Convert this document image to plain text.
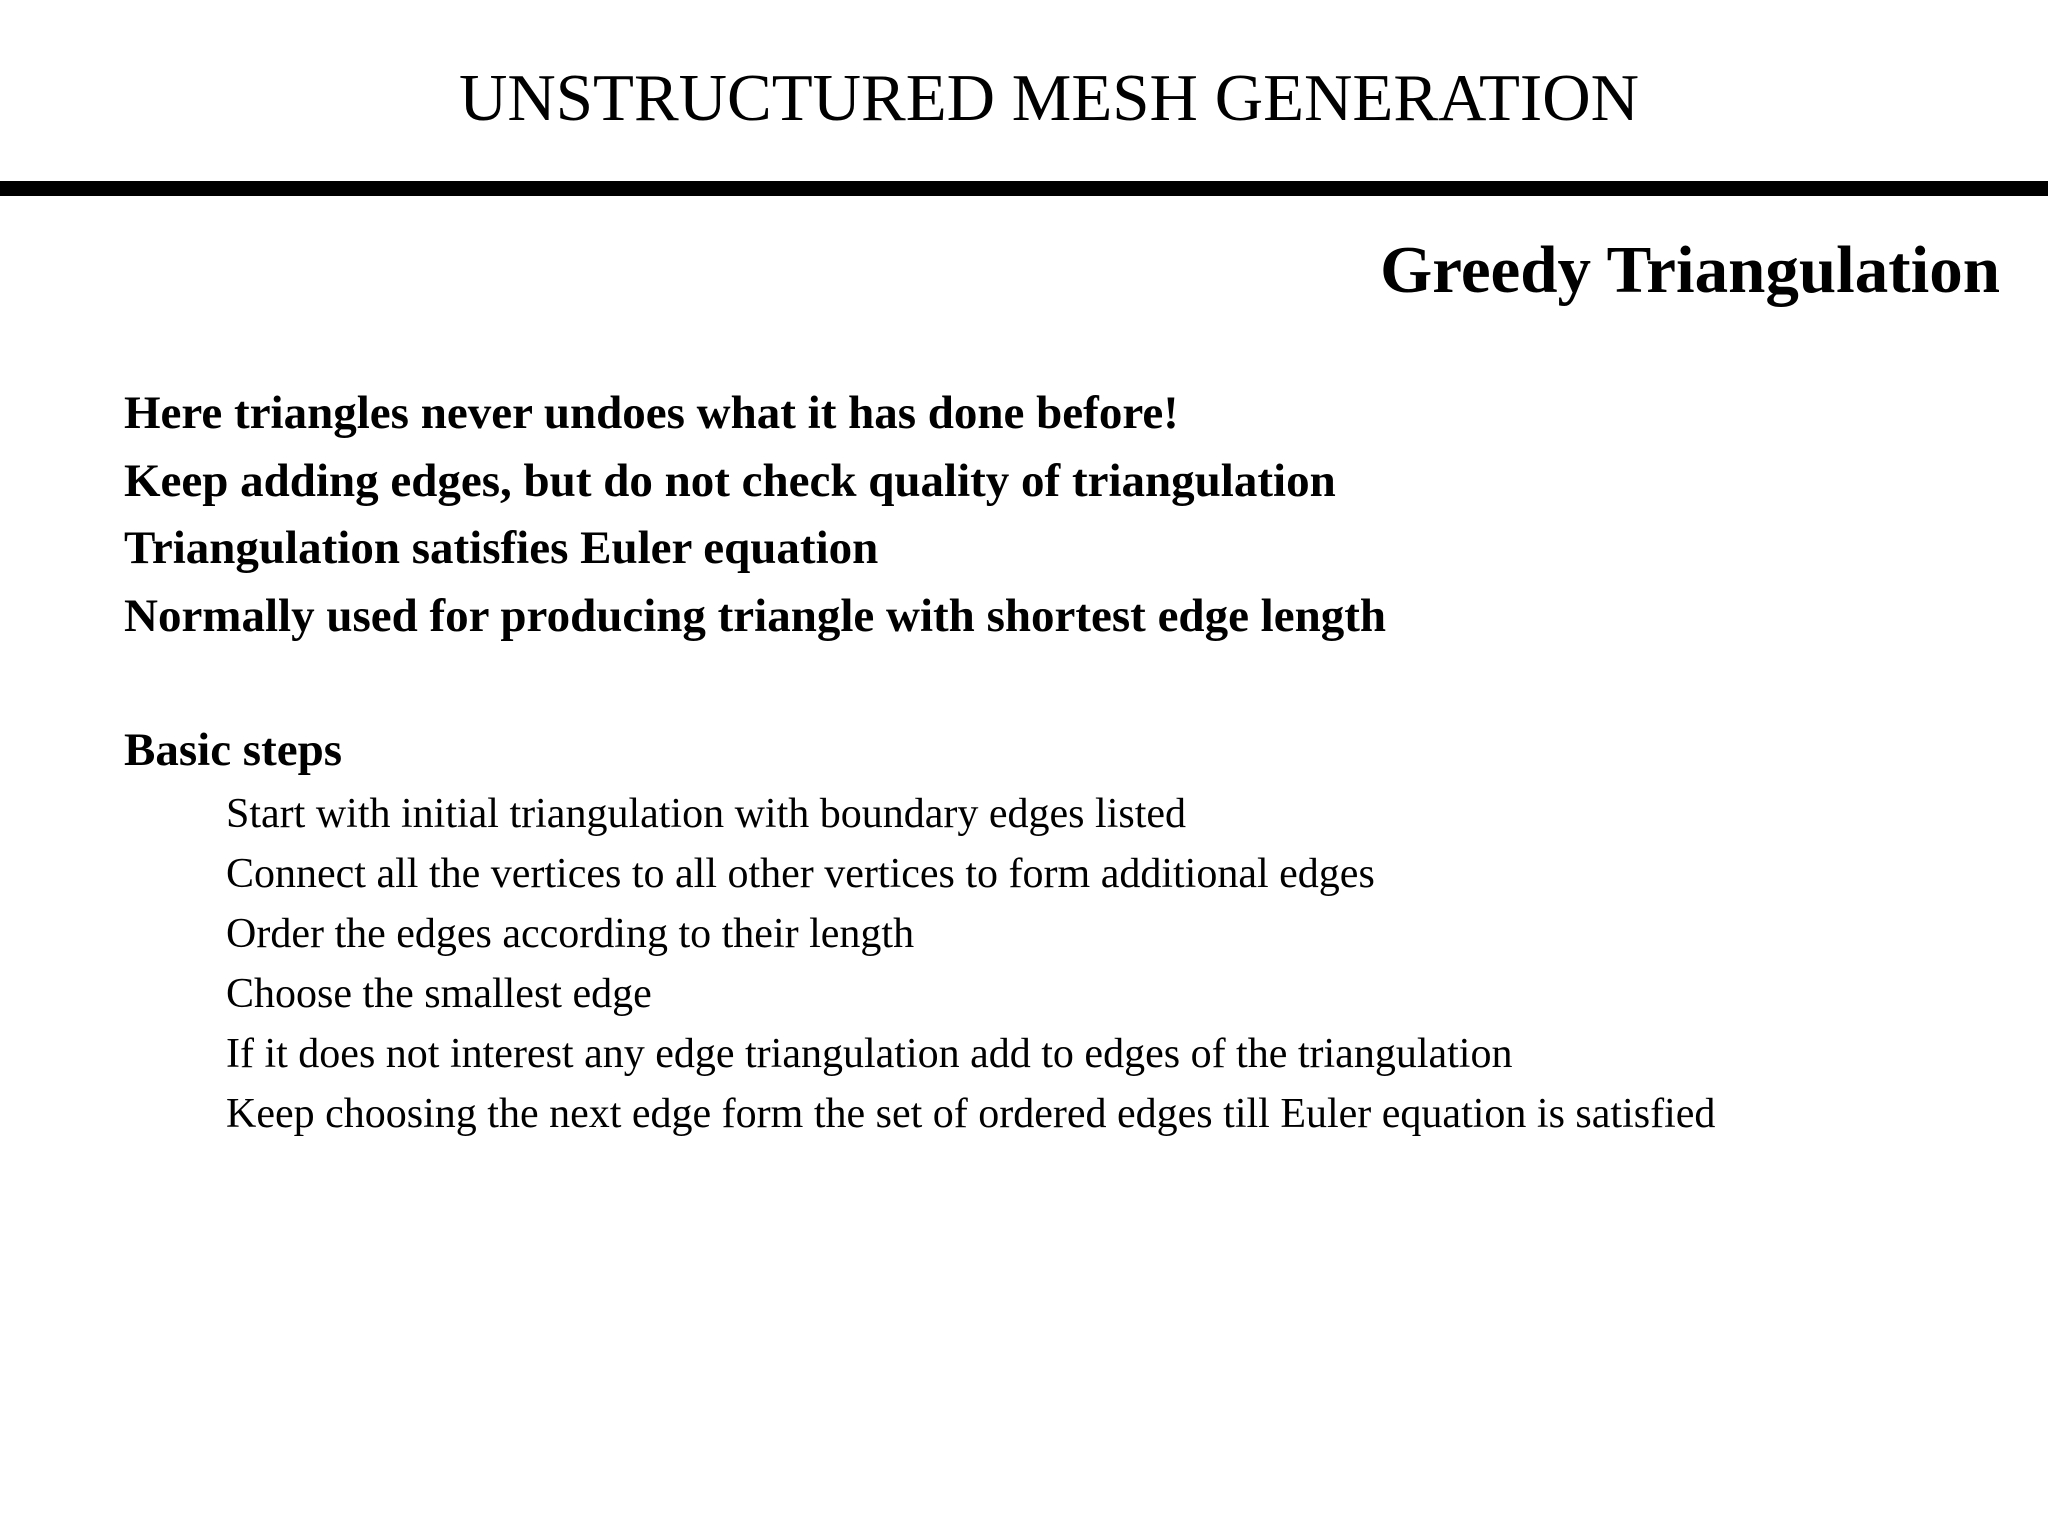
UNSTRUCTURED MESH GENERATION
Greedy Triangulation
Here triangles never undoes what it has done before!
Keep adding edges, but do not check quality of triangulation
Triangulation satisfies Euler equation
Normally used for producing triangle with shortest edge length
Basic steps
Start with initial triangulation with boundary edges listed
Connect all the vertices to all other vertices to form additional edges
Order the edges according to their length
Choose the smallest edge
If it does not interest any edge triangulation add to edges of the triangulation
Keep choosing the next edge form the set of ordered edges till Euler equation is satisfied
